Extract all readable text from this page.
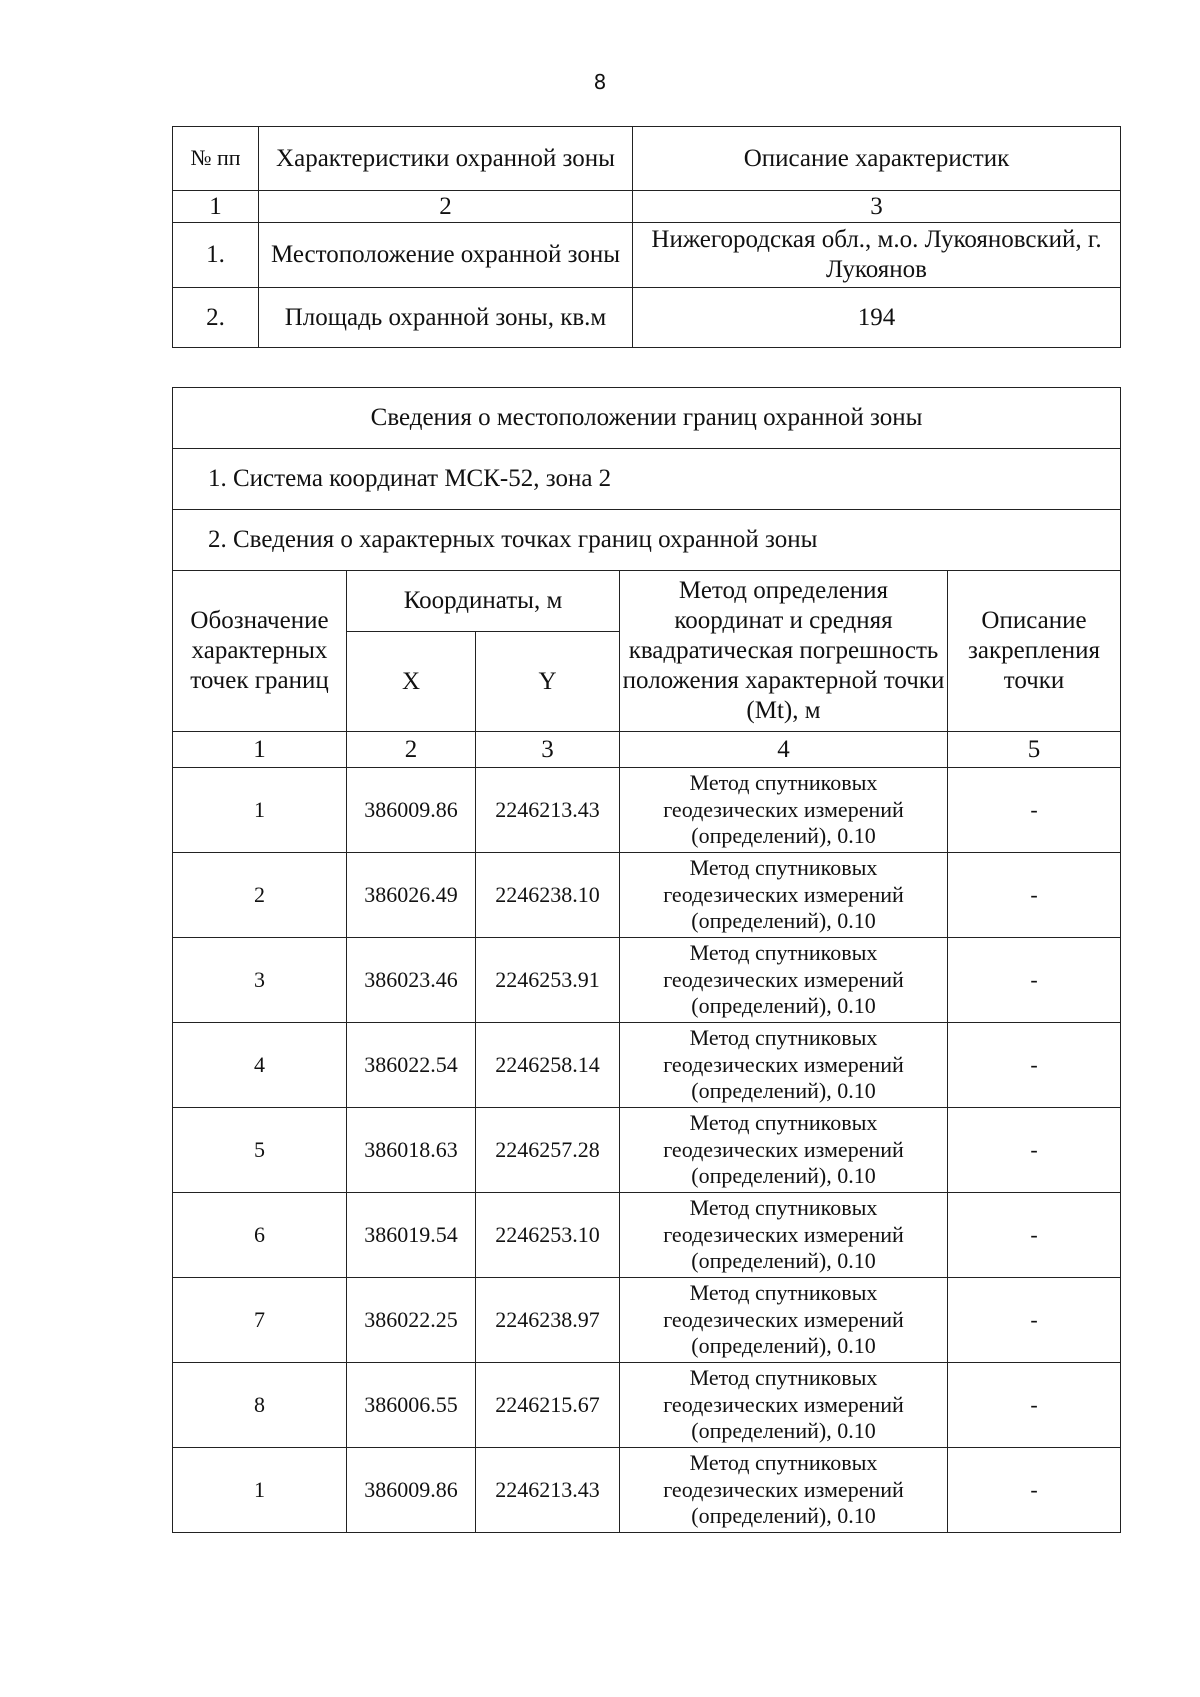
8
№ пп	Характеристики охранной зоны	Описание характеристик
1	2	3
1.	Местоположение охранной зоны	Нижегородская обл., м.о. Лукояновский, г. Лукоянов
2.	Площадь охранной зоны, кв.м	194
Сведения о местоположении границ охранной зоны				
1. Система координат МСК-52, зона 2				
2. Сведения о характерных точках границ охранной зоны				
Обозначение характерных точек границ	Координаты, м		Метод определения координат и средняя квадратическая погрешность положения характерной точки (Mt), м	Описание закрепления точки
	X	Y		
1	2	3	4	5
1	386009.86	2246213.43	Метод спутниковых геодезических измерений (определений), 0.10	-
2	386026.49	2246238.10	Метод спутниковых геодезических измерений (определений), 0.10	-
3	386023.46	2246253.91	Метод спутниковых геодезических измерений (определений), 0.10	-
4	386022.54	2246258.14	Метод спутниковых геодезических измерений (определений), 0.10	-
5	386018.63	2246257.28	Метод спутниковых геодезических измерений (определений), 0.10	-
6	386019.54	2246253.10	Метод спутниковых геодезических измерений (определений), 0.10	-
7	386022.25	2246238.97	Метод спутниковых геодезических измерений (определений), 0.10	-
8	386006.55	2246215.67	Метод спутниковых геодезических измерений (определений), 0.10	-
1	386009.86	2246213.43	Метод спутниковых геодезических измерений (определений), 0.10	-
